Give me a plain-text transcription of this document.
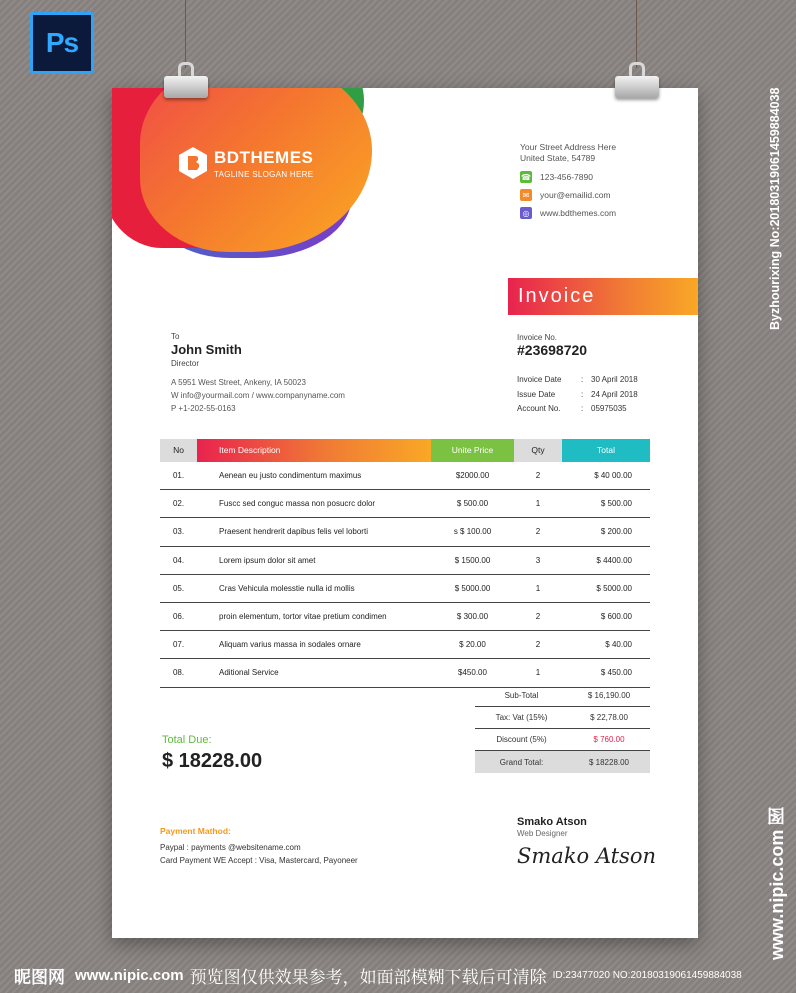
Ps
BDTHEMES
TAGLINE SLOGAN HERE
Your Street Address Here
United State, 54789
☎ 123-456-7890
✉	your@emailid.com
◎ www.bdthemes.com
Invoice
To
John Smith
Director
A 5951 West Street, Ankeny, IA 50023
W info@yourmail.com / www.companyname.com
P +1-202-55-0163
Invoice No.
#23698720
Invoice Date	: 30 April 2018
Issue Date	: 24 April 2018
Account No.	: 05975035
No	Item Description	Unite Price	Qty	Total
01.	Aenean eu justo condimentum maximus	$2000.00	2	$ 40 00.00
02.	Fuscc sed conguc massa non posucrc dolor	$ 500.00	1	$ 500.00
03.	Praesent hendrerit dapibus felis vel loborti	s $ 100.00	2	$ 200.00
04.	Lorem ipsum dolor sit amet	$ 1500.00	3	$ 4400.00
05.	Cras Vehicula molesstie nulla id mollis	$ 5000.00	1	$ 5000.00
06.	proin elementum, tortor vitae pretium condimen	$ 300.00	2	$ 600.00
07.	Aliquam varius massa in sodales ornare	$ 20.00	2	$ 40.00
08.	Aditional Service	$450.00	1	$ 450.00
Sub-Total	$ 16,190.00
Tax: Vat (15%)	$ 22,78.00
Discount (5%)	$ 760.00
Grand Total:	$ 18228.00
Total Due:
$ 18228.00
Payment Mathod:
Paypal : payments @websitename.com
Card Payment WE Accept : Visa, Mastercard, Payoneer
Smako Atson
Web Designer
Smako Atson
Byzhourixing No:20180319061459884038
www.nipic.com 图
昵图网 www.nipic.com 预览图仅供效果参考，如面部模糊下载后可清除 ID:23477020 NO:20180319061459884038
